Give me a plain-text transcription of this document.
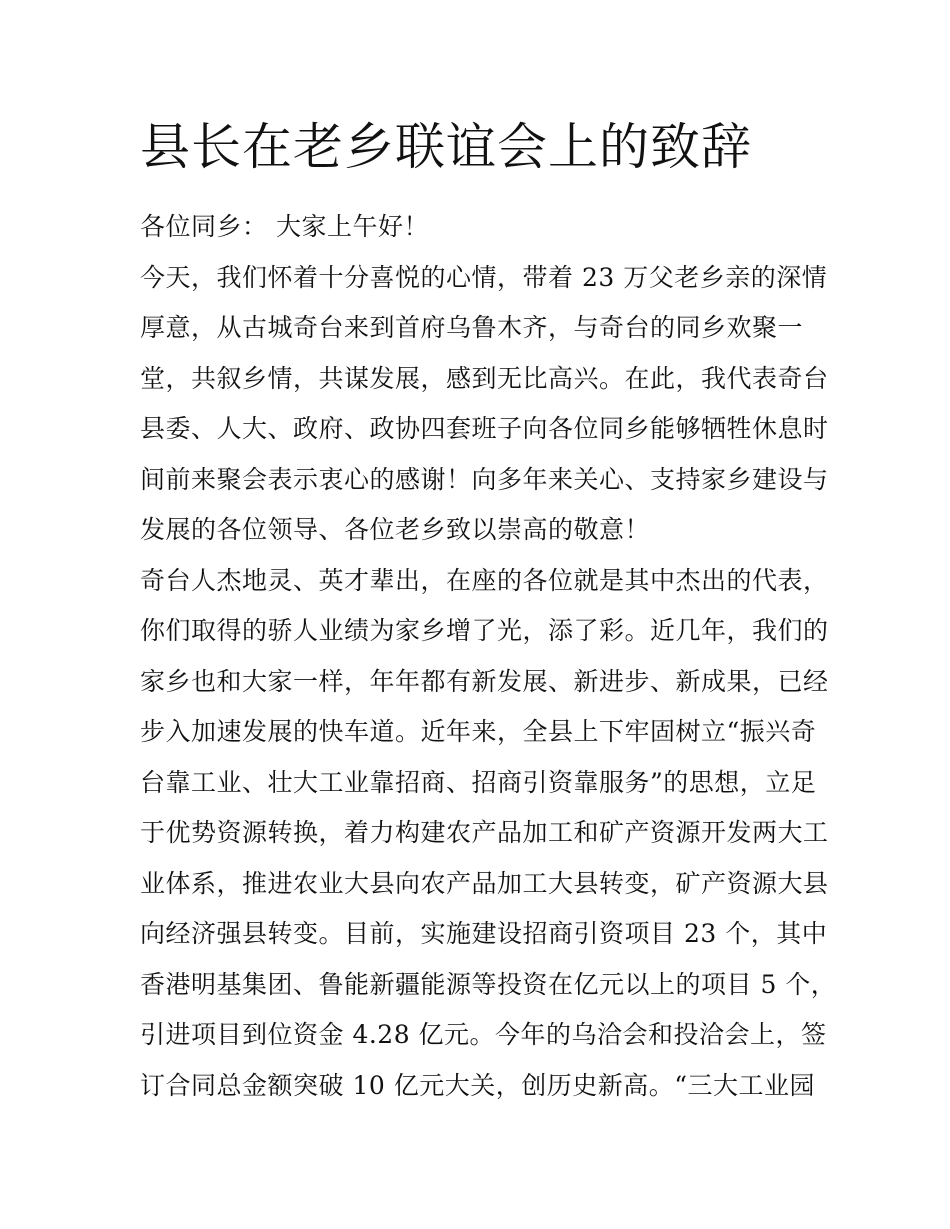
县长在老乡联谊会上的致辞
各位同乡： 大家上午好！
今天，我们怀着十分喜悦的心情，带着 23 万父老乡亲的深情
厚意，从古城奇台来到首府乌鲁木齐，与奇台的同乡欢聚一
堂，共叙乡情，共谋发展，感到无比高兴。在此，我代表奇台
县委、人大、政府、政协四套班子向各位同乡能够牺牲休息时
间前来聚会表示衷心的感谢！向多年来关心、支持家乡建设与
发展的各位领导、各位老乡致以崇高的敬意！
奇台人杰地灵、英才辈出，在座的各位就是其中杰出的代表，
你们取得的骄人业绩为家乡增了光，添了彩。近几年，我们的
家乡也和大家一样，年年都有新发展、新进步、新成果，已经
步入加速发展的快车道。近年来，全县上下牢固树立“振兴奇
台靠工业、壮大工业靠招商、招商引资靠服务”的思想，立足
于优势资源转换，着力构建农产品加工和矿产资源开发两大工
业体系，推进农业大县向农产品加工大县转变，矿产资源大县
向经济强县转变。目前，实施建设招商引资项目 23 个，其中
香港明基集团、鲁能新疆能源等投资在亿元以上的项目 5 个，
引进项目到位资金 4.28 亿元。今年的乌洽会和投洽会上，签
订合同总金额突破 10 亿元大关，创历史新高。“三大工业园
